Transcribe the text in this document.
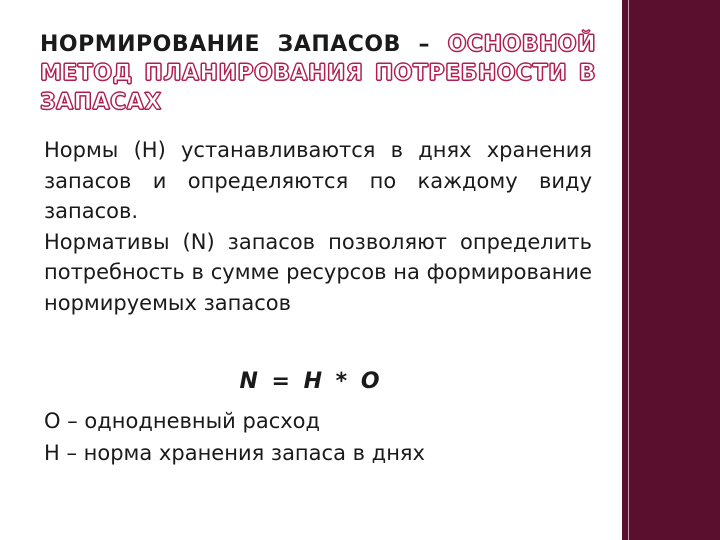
НОРМИРОВАНИЕ ЗАПАСОВ – ОСНОВНОЙ МЕТОД ПЛАНИРОВАНИЯ ПОТРЕБНОСТИ В ЗАПАСАХ

Нормы (Н) устанавливаются в днях хранения запасов и определяются по каждому виду запасов.

Нормативы (N) запасов позволяют определить потребность в сумме ресурсов на формирование нормируемых запасов

N = Н * О

О – однодневный расход

Н – норма хранения запаса в днях
